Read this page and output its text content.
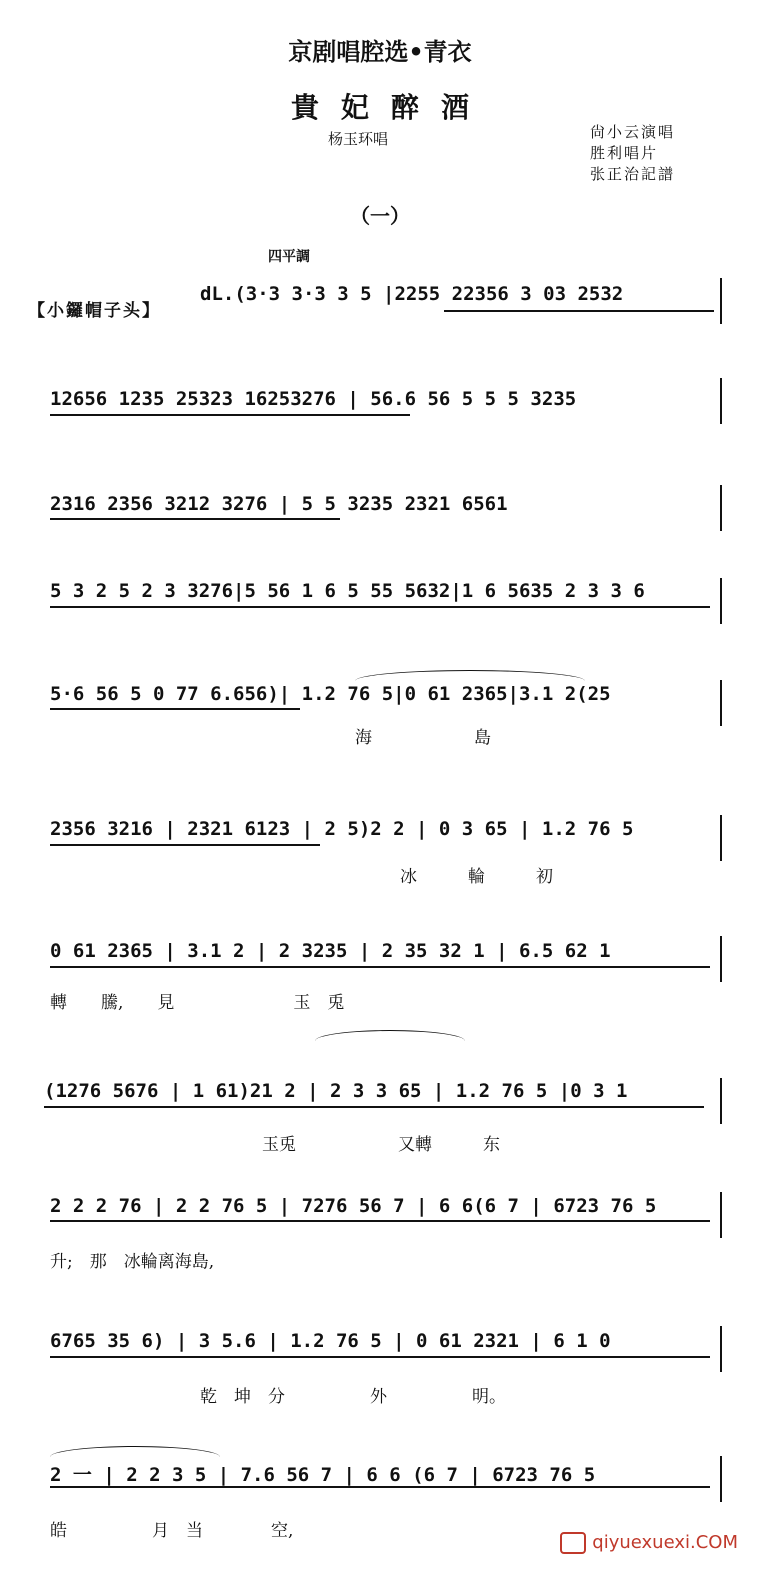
京剧唱腔选•青衣
貴妃醉酒
杨玉环唱	尙小云演唱
胜利唱片
张正治記譜
（一）
四平調
【小鑼帽子头】
dL.(3·3 3·3 3 5 |2255 22356 3 03 2532
12656 1235 25323 16253276 | 56.6 56 5 5 5 3235
2316 2356 3212 3276 | 5 5 3235 2321 6561
5 3 2 5 2 3 3276|5 56 1 6 5 55 5632|1 6 5635 2 3 3 6
5·6 56 5 0 77 6.656)| 1.2 76 5|0 61 2365|3.1 2(25
海　　　　　　島
2356 3216 | 2321 6123 | 2 5)2 2 | 0 3 65 | 1.2 76 5
冰　　　輪　　　初
0 61 2365 | 3.1 2 | 2 3235 | 2 35 32 1 | 6.5 62 1
轉　　騰,　　見　　　　　　　玉　兎
(1276 5676 | 1 61)21 2 | 2 3 3 65 | 1.2 76 5 |0 3 1
玉兎　　　　　　又轉　　　东
2 2 2 76 | 2 2 76 5 | 7276 56 7 | 6 6(6 7 | 6723 76 5
升;　那　冰輪离海島,
6765 35 6) | 3 5.6 | 1.2 76 5 | 0 61 2321 | 6 1 0
乾　坤　分　　　　　外　　　　　明。
2 一 | 2 2 3 5 | 7.6 56 7 | 6 6 (6 7 | 6723 76 5
皓　　　　　月　当　　　　空,
qiyuexuexi.COM
